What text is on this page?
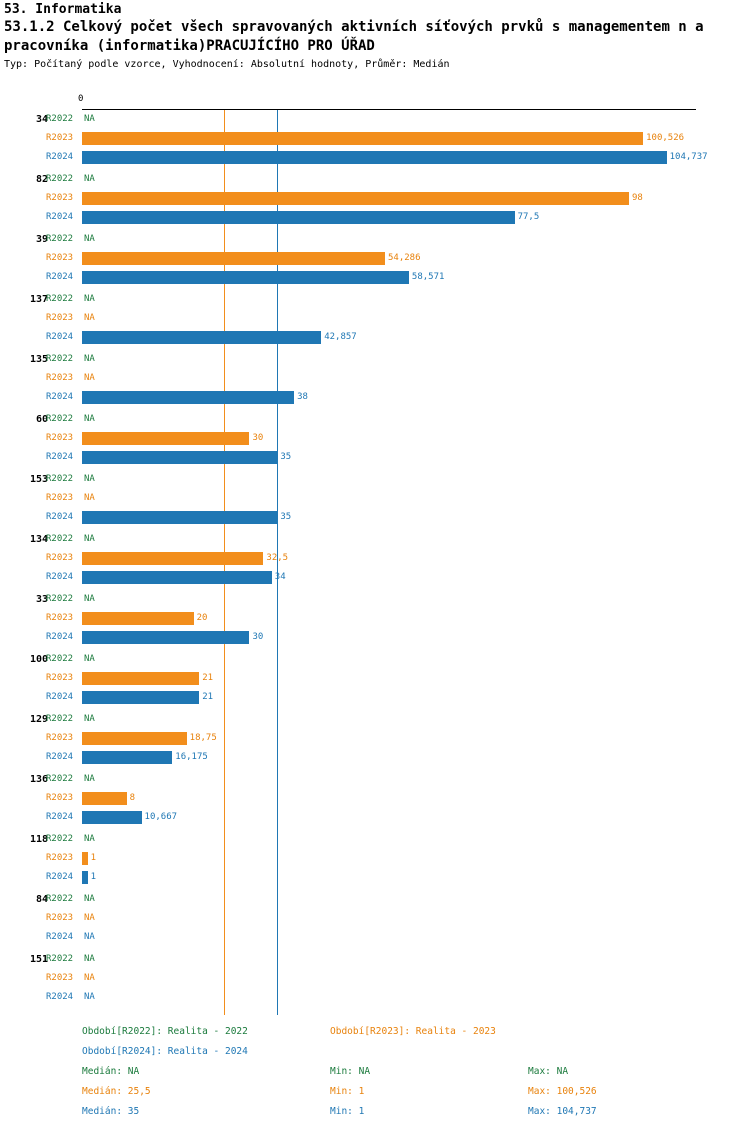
53. Informatika
53.1.2 Celkový počet všech spravovaných aktivních síťových prvků s managementem n a pracovníka (informatika)PRACUJÍCÍHO PRO ÚŘAD
Typ: Počítaný podle vzorce, Vyhodnocení: Absolutní hodnoty, Průměr: Medián
0
34
R2022 NA
R2023	100,526
R2024	104,737
82
R2022 NA
R2023	98
R2024	77,5
39
R2022 NA
R2023	54,286
R2024	58,571
137
R2022 NA
R2023 NA
R2024	42,857
135
R2022 NA
R2023 NA
R2024	38
60
R2022 NA
R2023	30
R2024	35
153
R2022 NA
R2023 NA
R2024	35
134
R2022 NA
R2023	32,5
R2024	34
33
R2022 NA
R2023	20
R2024	30
100
R2022 NA
R2023	21
R2024	21
129
R2022 NA
R2023	18,75
R2024	16,175
136
R2022 NA
R2023	8
R2024	10,667
118
R2022 NA
R2023 1
R2024 1
84
R2022 NA
R2023 NA
R2024 NA
151
R2022 NA
R2023 NA
R2024 NA
Období[R2022]: Realita - 2022	Období[R2023]: Realita - 2023
Období[R2024]: Realita - 2024
Medián: NA	Min: NA	Max: NA
Medián: 25,5	Min: 1	Max: 100,526
Medián: 35	Min: 1	Max: 104,737
